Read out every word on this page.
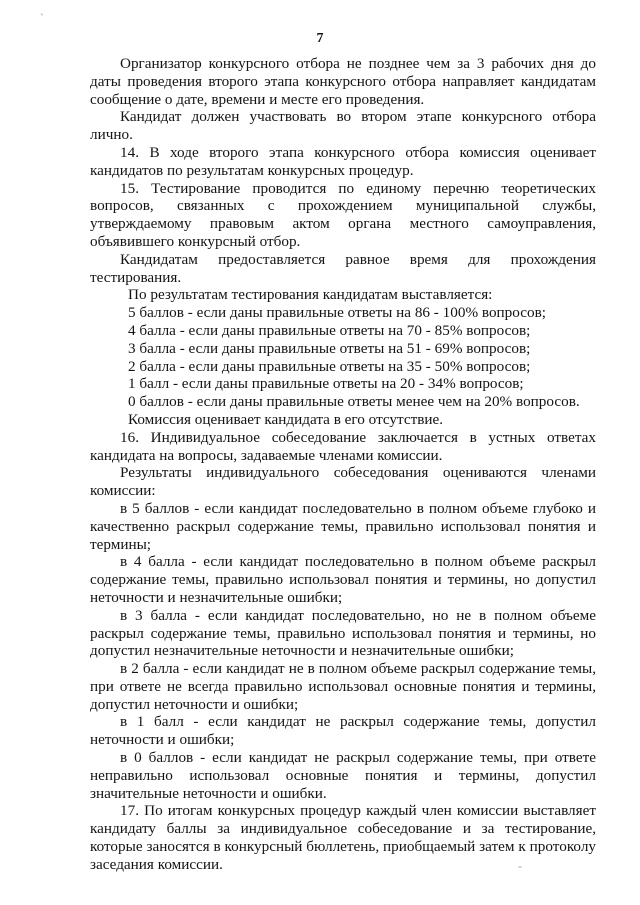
`
-
7

Организатор конкурсного отбора не позднее чем за 3 рабочих дня до даты проведения второго этапа конкурсного отбора направляет кандидатам сообщение о дате, времени и месте его проведения.

Кандидат должен участвовать во втором этапе конкурсного отбора лично.

14. В ходе второго этапа конкурсного отбора комиссия оценивает кандидатов по результатам конкурсных процедур.

15. Тестирование проводится по единому перечню теоретических вопросов, связанных с прохождением муниципальной службы, утверждаемому правовым актом органа местного самоуправления, объявившего конкурсный отбор.

Кандидатам предоставляется равное время для прохождения тестирования.

По результатам тестирования кандидатам выставляется:

5 баллов - если даны правильные ответы на 86 - 100% вопросов;

4 балла - если даны правильные ответы на 70 - 85% вопросов;

3 балла - если даны правильные ответы на 51 - 69% вопросов;

2 балла - если даны правильные ответы на 35 - 50% вопросов;

1 балл - если даны правильные ответы на 20 - 34% вопросов;

0 баллов - если даны правильные ответы менее чем на 20% вопросов.

Комиссия оценивает кандидата в его отсутствие.

16. Индивидуальное собеседование заключается в устных ответах кандидата на вопросы, задаваемые членами комиссии.

Результаты индивидуального собеседования оцениваются членами комиссии:

в 5 баллов - если кандидат последовательно в полном объеме глубоко и качественно раскрыл содержание темы, правильно использовал понятия и термины;

в 4 балла - если кандидат последовательно в полном объеме раскрыл содержание темы, правильно использовал понятия и термины, но допустил неточности и незначительные ошибки;

в 3 балла - если кандидат последовательно, но не в полном объеме раскрыл содержание темы, правильно использовал понятия и термины, но допустил незначительные неточности и незначительные ошибки;

в 2 балла - если кандидат не в полном объеме раскрыл содержание темы, при ответе не всегда правильно использовал основные понятия и термины, допустил неточности и ошибки;

в 1 балл - если кандидат не раскрыл содержание темы, допустил неточности и ошибки;

в 0 баллов - если кандидат не раскрыл содержание темы, при ответе неправильно использовал основные понятия и термины, допустил значительные неточности и ошибки.

17. По итогам конкурсных процедур каждый член комиссии выставляет кандидату баллы за индивидуальное собеседование и за тестирование, которые заносятся в конкурсный бюллетень, приобщаемый затем к протоколу заседания комиссии.
